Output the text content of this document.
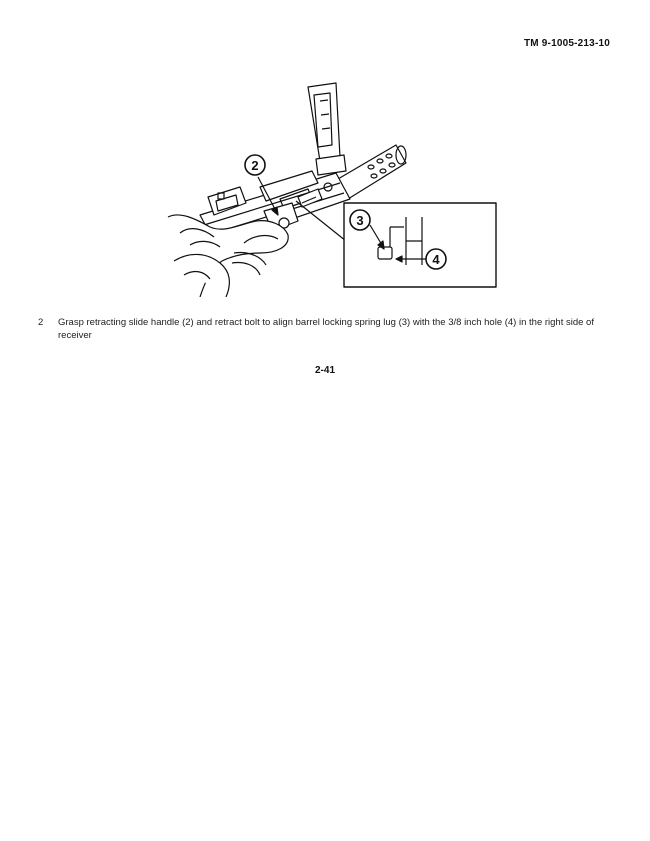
TM 9-1005-213-10
2
3
4
2 Grasp retracting slide handle (2) and retract bolt to align barrel locking spring lug (3) with the 3/8 inch hole (4) in the right side of receiver
2-41
